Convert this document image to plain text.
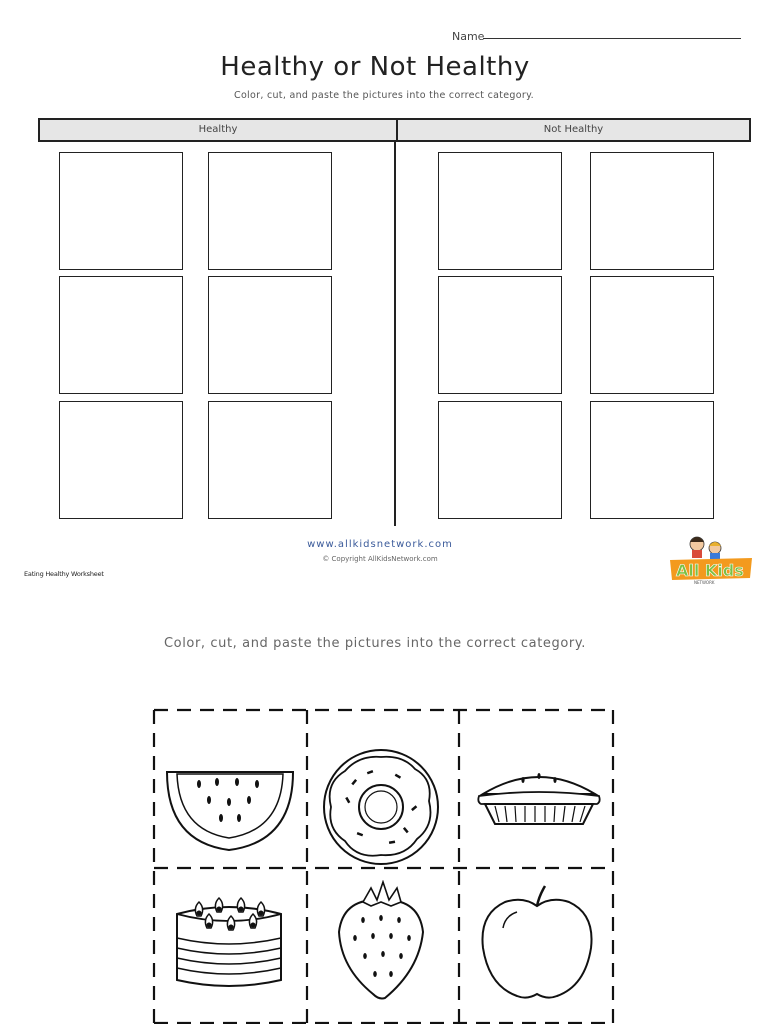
Name
Healthy or Not Healthy
Color, cut, and paste the pictures into the correct category.
Healthy	Not Healthy
www.allkidsnetwork.com
© Copyright AllKidsNetwork.com
Eating Healthy Worksheet	All Kids
NETWORK
Color, cut, and paste the pictures into the correct category.
